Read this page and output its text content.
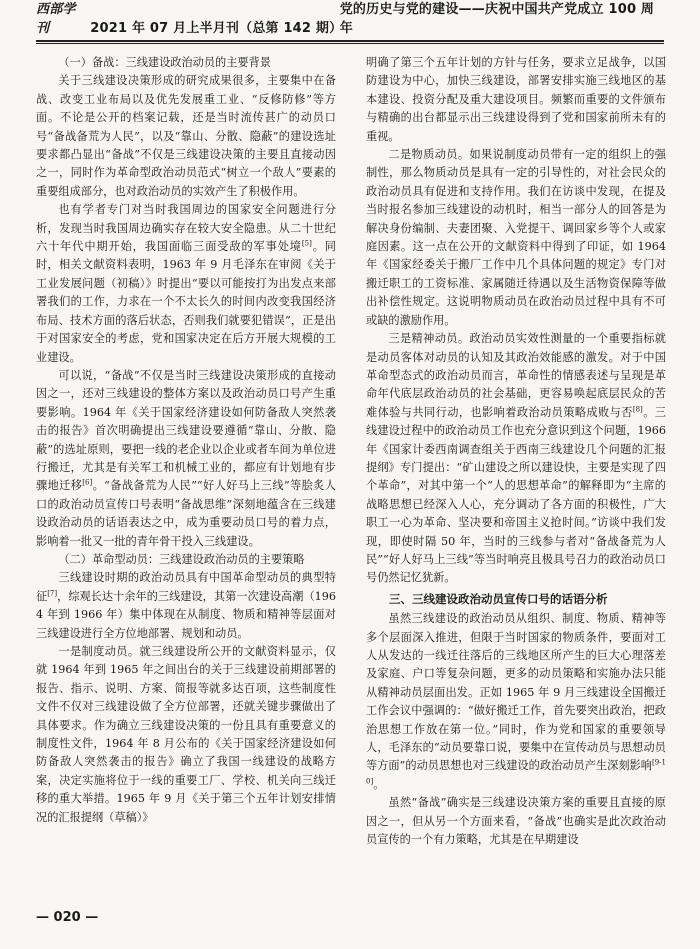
西部学刊	2021 年 07 月上半月刊（总第 142 期）
党的历史与党的建设——庆祝中国共产党成立 100 周年
（一）备战：三线建设政治动员的主要背景

关于三线建设决策形成的研究成果很多，主要集中在备战、改变工业布局以及优先发展重工业、“反修防修”等方面。不论是公开的档案记载，还是当时流传甚广的动员口号“备战备荒为人民”，以及“靠山、分散、隐蔽”的建设选址要求都凸显出“备战”不仅是三线建设决策的主要且直接动因之一，同时作为革命型政治动员范式“树立一个敌人”要素的重要组成部分，也对政治动员的实效产生了积极作用。

也有学者专门对当时我国周边的国家安全问题进行分析，发现当时我国周边确实存在较大安全隐患。从二十世纪六十年代中期开始，我国面临三面受敌的军事处境[5]。同时，相关文献资料表明，1963 年 9 月毛泽东在审阅《关于工业发展问题（初稿）》时提出“要以可能按打为出发点来部署我们的工作，力求在一个不太长久的时间内改变我国经济布局、技术方面的落后状态，否则我们就要犯错误”，正是出于对国家安全的考虑，党和国家决定在后方开展大规模的工业建设。

可以说，“备战”不仅是当时三线建设决策形成的直接动因之一，还对三线建设的整体方案以及政治动员口号产生重要影响。1964 年《关于国家经济建设如何防备敌人突然袭击的报告》首次明确提出三线建设要遵循“靠山、分散、隐蔽”的选址原则，要把一线的老企业以企业或者车间为单位进行搬迁，尤其是有关军工和机械工业的，都应有计划地有步骤地迁移[6]。“备战备荒为人民”“好人好马上三线”等脍炙人口的政治动员宣传口号表明“备战思维”深刻地蕴含在三线建设政治动员的话语表达之中，成为重要动员口号的着力点，影响着一批又一批的青年骨干投入三线建设。

（二）革命型动员：三线建设政治动员的主要策略

三线建设时期的政治动员具有中国革命型动员的典型特征[7]，综观长达十余年的三线建设，其第一次建设高潮（1964 年到 1966 年）集中体现在从制度、物质和精神等层面对三线建设进行全方位地部署、规划和动员。

一是制度动员。就三线建设所公开的文献资料显示，仅就 1964 年到 1965 年之间出台的关于三线建设前期部署的报告、指示、说明、方案、简报等就多达百项，这些制度性文件不仅对三线建设做了全方位部署，还就关键步骤做出了具体要求。作为确立三线建设决策的一份且具有重要意义的制度性文件，1964 年 8 月公布的《关于国家经济建设如何防备敌人突然袭击的报告》确立了我国一线建设的战略方案，决定实施将位于一线的重要工厂、学校、机关向三线迁移的重大举措。1965 年 9 月《关于第三个五年计划安排情况的汇报提纲（草稿）》

明确了第三个五年计划的方针与任务，要求立足战争，以国防建设为中心，加快三线建设，部署安排实施三线地区的基本建设、投资分配及重大建设项目。频繁而重要的文件颁布与精确的出台都显示出三线建设得到了党和国家前所未有的重视。

二是物质动员。如果说制度动员带有一定的组织上的强制性，那么物质动员是具有一定的引导性的，对社会民众的政治动员具有促进和支持作用。我们在访谈中发现，在提及当时报名参加三线建设的动机时，相当一部分人的回答是为解决身份编制、夫妻团聚、入党提干、调回家乡等个人或家庭因素。这一点在公开的文献资料中得到了印证，如 1964 年《国家经委关于搬厂工作中几个具体问题的规定》专门对搬迁职工的工资标准、家属随迁待遇以及生活物资保障等做出补偿性规定。这说明物质动员在政治动员过程中具有不可或缺的激励作用。

三是精神动员。政治动员实效性测量的一个重要指标就是动员客体对动员的认知及其政治效能感的激发。对于中国革命型态式的政治动员而言，革命性的情感表述与呈现是革命年代底层政治动员的社会基础，更容易唤起底层民众的苦难体验与共同行动，也影响着政治动员策略成败与否[8]。三线建设过程中的政治动员工作也充分意识到这个问题，1966 年《国家计委西南调查组关于西南三线建设几个问题的汇报提纲》专门提出：“矿山建设之所以建设快，主要是实现了四个革命”，对其中第一个“人的思想革命”的解释即为“主席的战略思想已经深入人心，充分调动了各方面的积极性，广大职工一心为革命、坚决要和帝国主义抢时间。”访谈中我们发现，即使时隔 50 年，当时的三线参与者对“备战备荒为人民”“好人好马上三线”等当时响亮且极具号召力的政治动员口号仍然记忆犹新。

三、三线建设政治动员宣传口号的话语分析

虽然三线建设的政治动员从组织、制度、物质、精神等多个层面深入推进，但限于当时国家的物质条件，要面对工人从发达的一线迁往落后的三线地区所产生的巨大心理落差及家庭、户口等复杂问题，更多的动员策略和实施办法只能从精神动员层面出发。正如 1965 年 9 月三线建设全国搬迁工作会议中强调的：“做好搬迁工作，首先要突出政治，把政治思想工作放在第一位。”同时，作为党和国家的重要领导人，毛泽东的“动员要靠口说，要集中在宣传动员与思想动员等方面”的动员思想也对三线建设的政治动员产生深刻影响[9-10]。

虽然“备战”确实是三线建设决策方案的重要且直接的原因之一，但从另一个方面来看，“备战”也确实是此次政治动员宣传的一个有力策略，尤其是在早期建设

— 020 —
